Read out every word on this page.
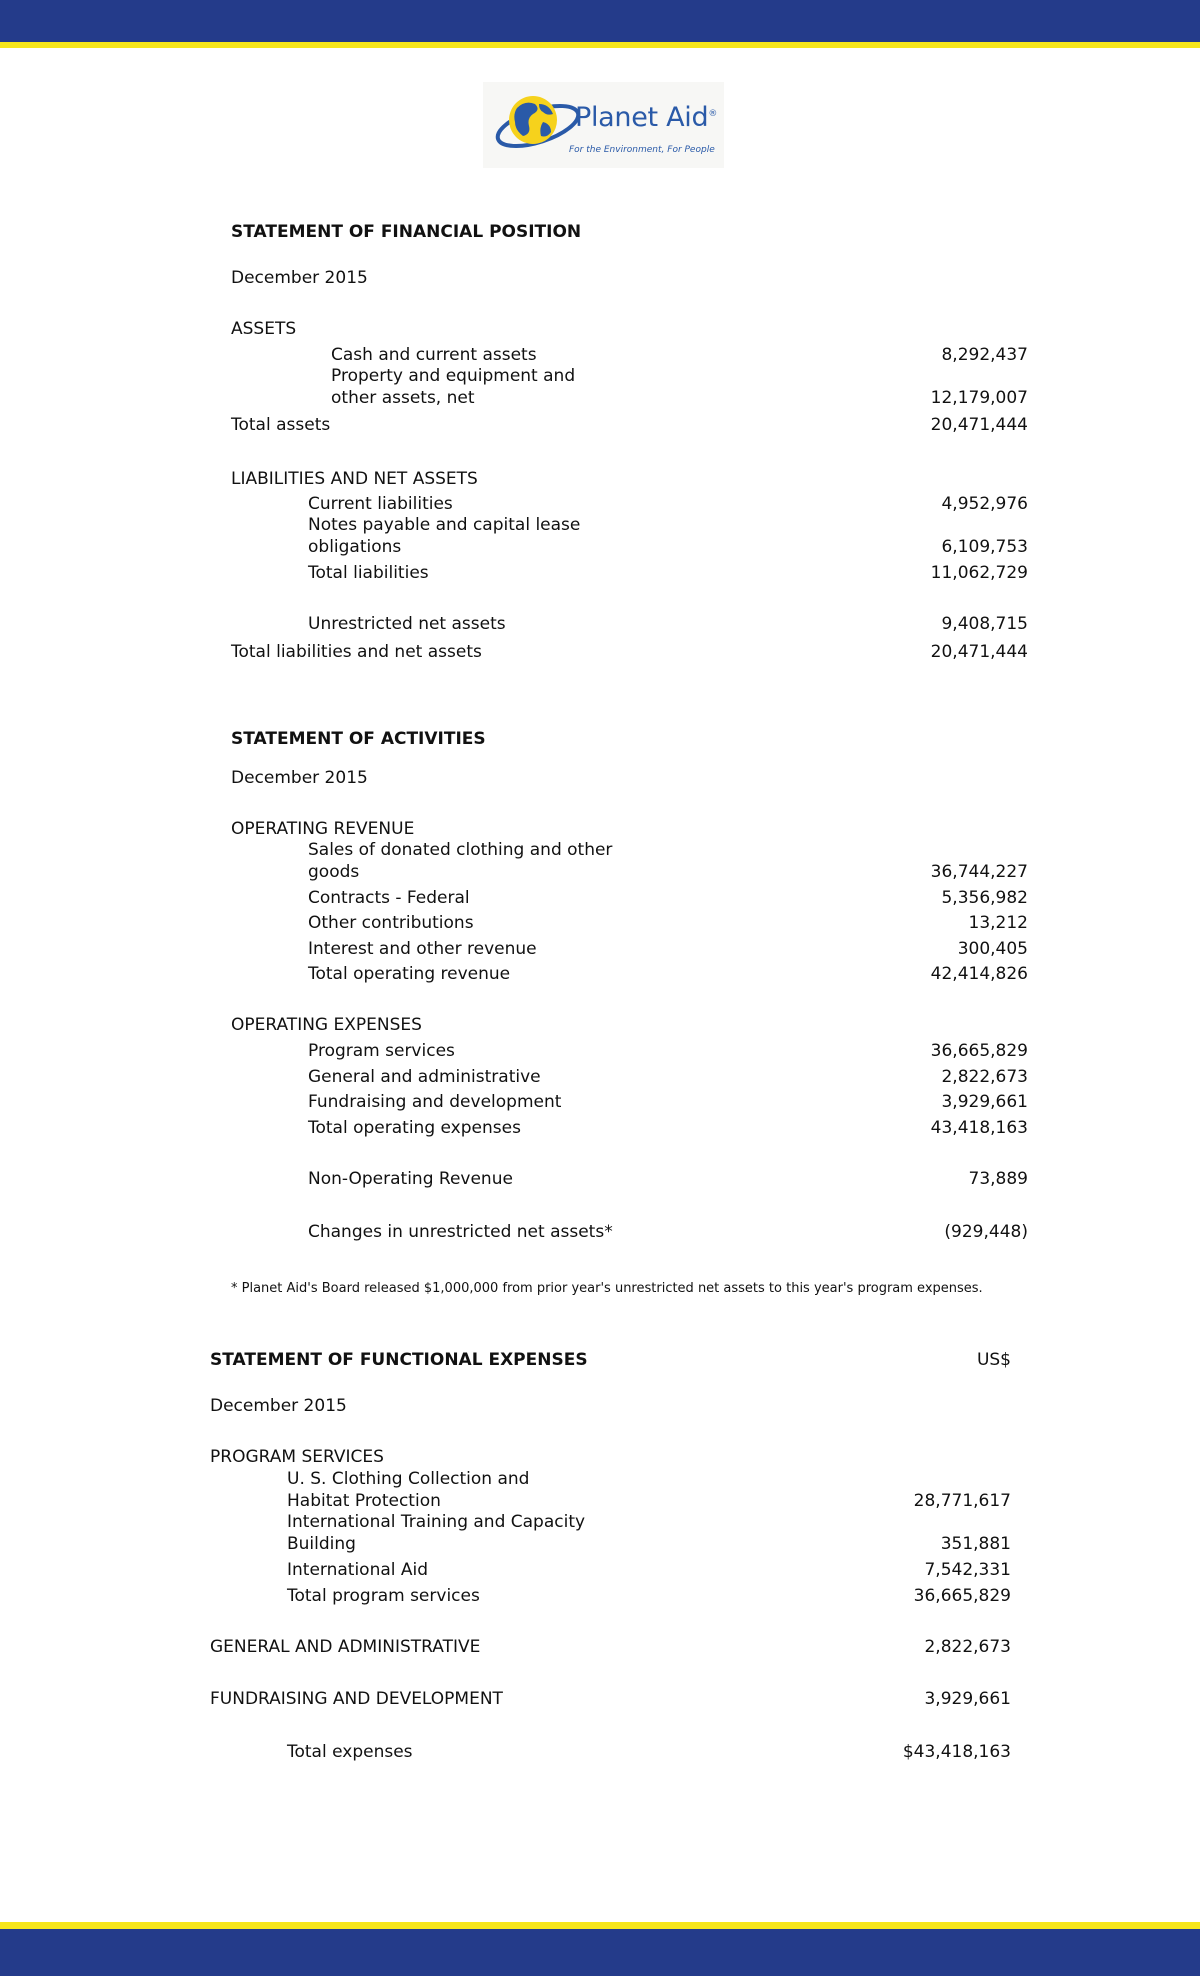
Planet Aid®
For the Environment, For People
STATEMENT OF FINANCIAL POSITION
December 2015
ASSETS
Cash and current assets	8,292,437
Property and equipment and
other assets, net	12,179,007
Total assets	20,471,444
LIABILITIES AND NET ASSETS
Current liabilities	4,952,976
Notes payable and capital lease
obligations	6,109,753
Total liabilities	11,062,729
Unrestricted net assets	9,408,715
Total liabilities and net assets	20,471,444
STATEMENT OF ACTIVITIES
December 2015
OPERATING REVENUE
Sales of donated clothing and other
goods	36,744,227
Contracts - Federal	5,356,982
Other contributions	13,212
Interest and other revenue	300,405
Total operating revenue	42,414,826
OPERATING EXPENSES
Program services	36,665,829
General and administrative	2,822,673
Fundraising and development	3,929,661
Total operating expenses	43,418,163
Non-Operating Revenue	73,889
Changes in unrestricted net assets*	(929,448)
* Planet Aid's Board released $1,000,000 from prior year's unrestricted net assets to this year's program expenses.
STATEMENT OF FUNCTIONAL EXPENSES	US$
December 2015
PROGRAM SERVICES
U. S. Clothing Collection and
Habitat Protection	28,771,617
International Training and Capacity
Building	351,881
International Aid	7,542,331
Total program services	36,665,829
GENERAL AND ADMINISTRATIVE	2,822,673
FUNDRAISING AND DEVELOPMENT	3,929,661
Total expenses	$43,418,163
